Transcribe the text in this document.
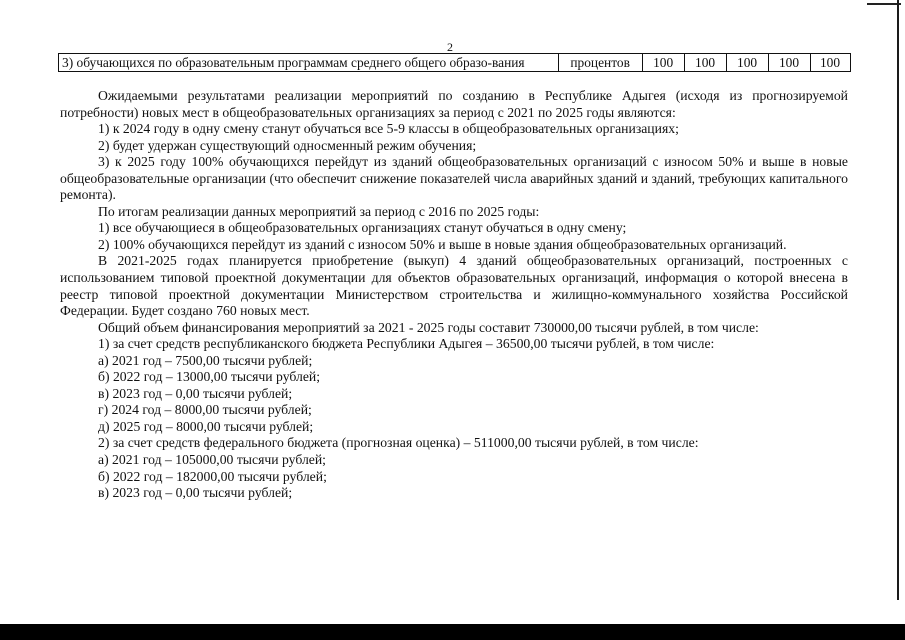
2
3) обучающихся по образовательным программам среднего общего образо-вания	процентов	100	100	100	100	100

Ожидаемыми результатами реализации мероприятий по созданию в Республике Адыгея (исходя из прогнозируемой потребности) новых мест в общеобразовательных организациях за период с 2021 по 2025 годы являются:

1) к 2024 году в одну смену станут обучаться все 5-9 классы в общеобразовательных организациях;

2) будет удержан существующий односменный режим обучения;

3) к 2025 году 100% обучающихся перейдут из зданий общеобразовательных организаций с износом 50% и выше в новые общеобразовательные организации (что обеспечит снижение показателей числа аварийных зданий и зданий, требующих капитального ремонта).

По итогам реализации данных мероприятий за период с 2016 по 2025 годы:

1) все обучающиеся в общеобразовательных организациях станут обучаться в одну смену;

2) 100% обучающихся перейдут из зданий с износом 50% и выше в новые здания общеобразовательных организаций.

В 2021-2025 годах планируется приобретение (выкуп) 4 зданий общеобразовательных организаций, построенных с использованием типовой проектной документации для объектов образовательных организаций, информация о которой внесена в реестр типовой проектной документации Министерством строительства и жилищно-коммунального хозяйства Российской Федерации. Будет создано 760 новых мест.

Общий объем финансирования мероприятий за 2021 - 2025 годы составит 730000,00 тысячи рублей, в том числе:

1) за счет средств республиканского бюджета Республики Адыгея – 36500,00 тысячи рублей, в том числе:

а) 2021 год – 7500,00 тысячи рублей;

б) 2022 год – 13000,00 тысячи рублей;

в) 2023 год – 0,00 тысячи рублей;

г) 2024 год – 8000,00 тысячи рублей;

д) 2025 год – 8000,00 тысячи рублей;

2) за счет средств федерального бюджета (прогнозная оценка) – 511000,00 тысячи рублей, в том числе:

а) 2021 год – 105000,00 тысячи рублей;

б) 2022 год – 182000,00 тысячи рублей;

в) 2023 год – 0,00 тысячи рублей;
